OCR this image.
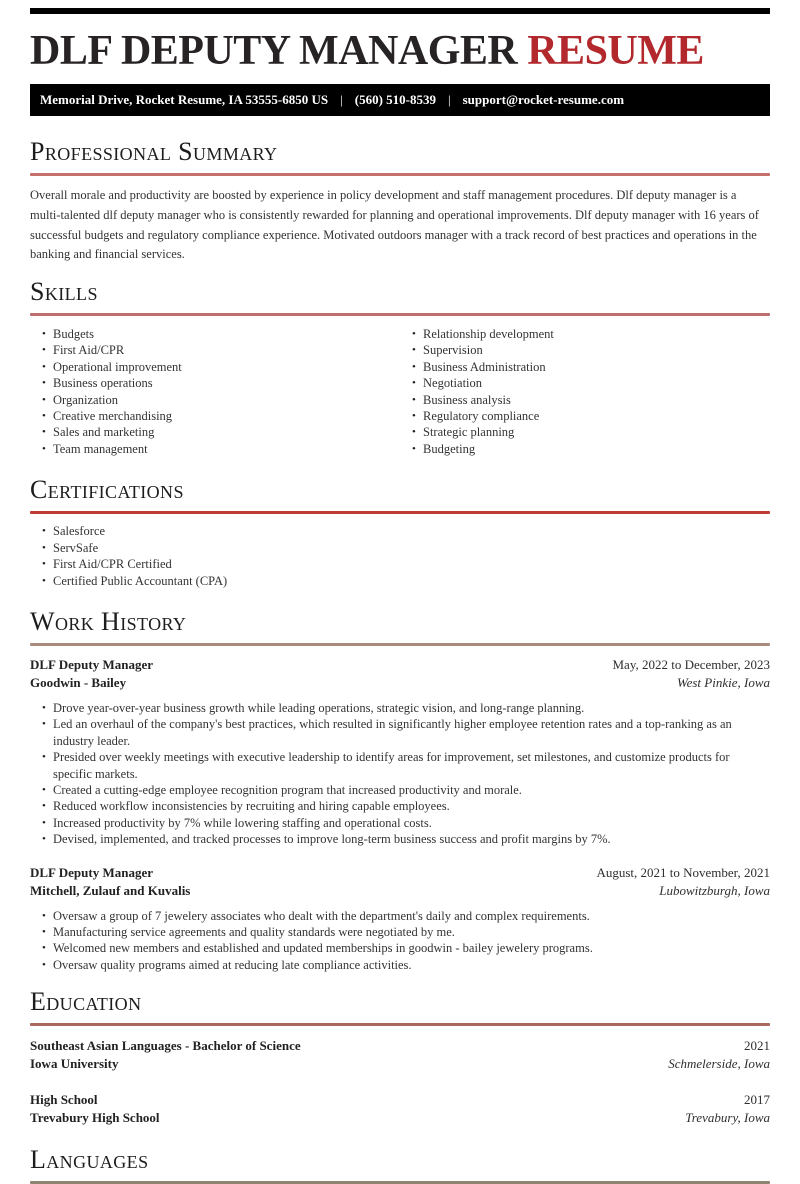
DLF DEPUTY MANAGER RESUME
Memorial Drive, Rocket Resume, IA 53555-6850 US | (560) 510-8539 | support@rocket-resume.com
Professional Summary
Overall morale and productivity are boosted by experience in policy development and staff management procedures. Dlf deputy manager is a multi-talented dlf deputy manager who is consistently rewarded for planning and operational improvements. Dlf deputy manager with 16 years of successful budgets and regulatory compliance experience. Motivated outdoors manager with a track record of best practices and operations in the banking and financial services.
Skills
• Budgets
• First Aid/CPR
• Operational improvement
• Business operations
• Organization
• Creative merchandising
• Sales and marketing
• Team management
• Relationship development
• Supervision
• Business Administration
• Negotiation
• Business analysis
• Regulatory compliance
• Strategic planning
• Budgeting
Certifications
• Salesforce
• ServSafe
• First Aid/CPR Certified
• Certified Public Accountant (CPA)
Work History
DLF Deputy Manager	May, 2022 to December, 2023
Goodwin - Bailey	West Pinkie, Iowa
• Drove year-over-year business growth while leading operations, strategic vision, and long-range planning.
• Led an overhaul of the company's best practices, which resulted in significantly higher employee retention rates and a top-ranking as an industry leader.
• Presided over weekly meetings with executive leadership to identify areas for improvement, set milestones, and customize products for specific markets.
• Created a cutting-edge employee recognition program that increased productivity and morale.
• Reduced workflow inconsistencies by recruiting and hiring capable employees.
• Increased productivity by 7% while lowering staffing and operational costs.
• Devised, implemented, and tracked processes to improve long-term business success and profit margins by 7%.
DLF Deputy Manager	August, 2021 to November, 2021
Mitchell, Zulauf and Kuvalis	Lubowitzburgh, Iowa
• Oversaw a group of 7 jewelery associates who dealt with the department's daily and complex requirements.
• Manufacturing service agreements and quality standards were negotiated by me.
• Welcomed new members and established and updated memberships in goodwin - bailey jewelery programs.
• Oversaw quality programs aimed at reducing late compliance activities.
Education
Southeast Asian Languages - Bachelor of Science	2021
Iowa University	Schmelerside, Iowa
High School	2017
Trevabury High School	Trevabury, Iowa
Languages
